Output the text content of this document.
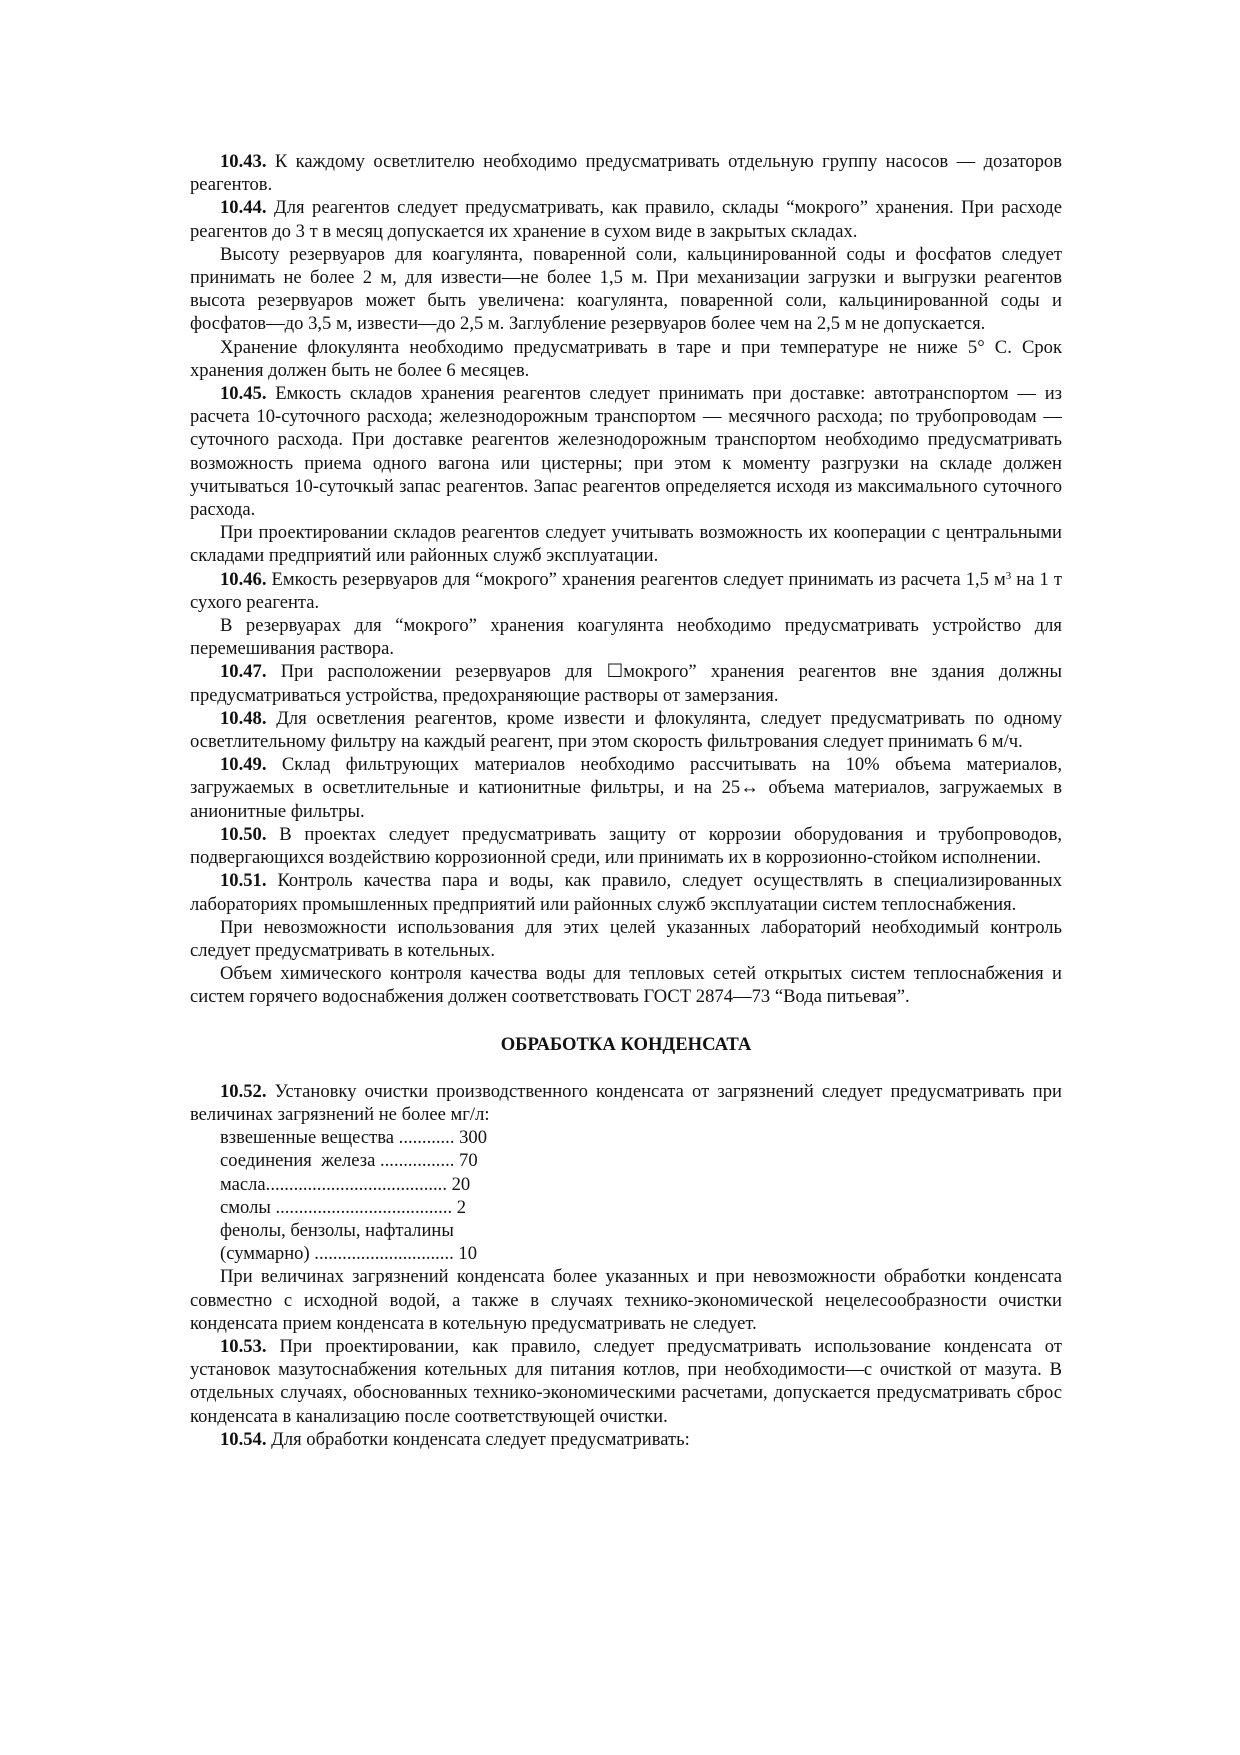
10.43. К каждому осветлителю необходимо предусматривать отдельную группу насосов — дозаторов реагентов.

10.44. Для реагентов следует предусматривать, как правило, склады “мокрого” хранения. При расходе реагентов до 3 т в месяц допускается их хранение в сухом виде в закрытых складах.

Высоту резервуаров для коагулянта, поваренной соли, кальцинированной соды и фосфатов следует принимать не более 2 м, для извести—не более 1,5 м. При механизации загрузки и выгрузки реагентов высота резервуаров может быть увеличена: коагулянта, поваренной соли, кальцинированной соды и фосфатов—до 3,5 м, извести—до 2,5 м. Заглубление резервуаров более чем на 2,5 м не допускается.

Хранение флокулянта необходимо предусматривать в таре и при температуре не ниже 5° С. Срок хранения должен быть не более 6 месяцев.

10.45. Емкость складов хранения реагентов следует принимать при доставке: автотранспортом — из расчета 10-суточного расхода; железнодорожным транспортом — месячного расхода; по трубопроводам — суточного расхода. При доставке реагентов железнодорожным транспортом необходимо предусматривать возможность приема одного вагона или цистерны; при этом к моменту разгрузки на складе должен учитываться 10-суточкый запас реагентов. Запас реагентов определяется исходя из максимального суточного расхода.

При проектировании складов реагентов следует учитывать возможность их кооперации с центральными складами предприятий или районных служб эксплуатации.

10.46. Емкость резервуаров для “мокрого” хранения реагентов следует принимать из расчета 1,5 $м^3$ на 1 т сухого реагента.

В резервуарах для “мокрого” хранения коагулянта необходимо предусматривать устройство для перемешивания раствора.

10.47. При расположении резервуаров для ☐мокрого” хранения реагентов вне здания должны предусматриваться устройства, предохраняющие растворы от замерзания.

10.48. Для осветления реагентов, кроме извести и флокулянта, следует предусматривать по одному осветлительному фильтру на каждый реагент, при этом скорость фильтрования следует принимать 6 м/ч.

10.49. Склад фильтрующих материалов необходимо рассчитывать на 10% объема материалов, загружаемых в осветлительные и катионитные фильтры, и на 25↔ объема материалов, загружаемых в анионитные фильтры.

10.50. В проектах следует предусматривать защиту от коррозии оборудования и трубопроводов, подвергающихся воздействию коррозионной среди, или принимать их в коррозионно-стойком исполнении.

10.51. Контроль качества пара и воды, как правило, следует осуществлять в специализированных лабораториях промышленных предприятий или районных служб эксплуатации систем теплоснабжения.

При невозможности использования для этих целей указанных лабораторий необходимый контроль следует предусматривать в котельных.

Объем химического контроля качества воды для тепловых сетей открытых систем теплоснабжения и систем горячего водоснабжения должен соответствовать ГОСТ 2874—73 “Вода питьевая”.

ОБРАБОТКА КОНДЕНСАТА

10.52. Установку очистки производственного конденсата от загрязнений следует предусматривать при величинах загрязнений не более мг/л:

взвешенные вещества ............ 300

соединения  железа ................ 70

масла....................................... 20

смолы ...................................... 2

фенолы, бензолы, нафталины

(суммарно) .............................. 10

При величинах загрязнений конденсата более указанных и при невозможности обработки конденсата совместно с исходной водой, а также в случаях технико-экономической нецелесообразности очистки конденсата прием конденсата в котельную предусматривать не следует.

10.53. При проектировании, как правило, следует предусматривать использование конденсата от установок мазутоснабжения котельных для питания котлов, при необходимости—с очисткой от мазута. В отдельных случаях, обоснованных технико-экономическими расчетами, допускается предусматривать сброс конденсата в канализацию после соответствующей очистки.

10.54. Для обработки конденсата следует предусматривать:
